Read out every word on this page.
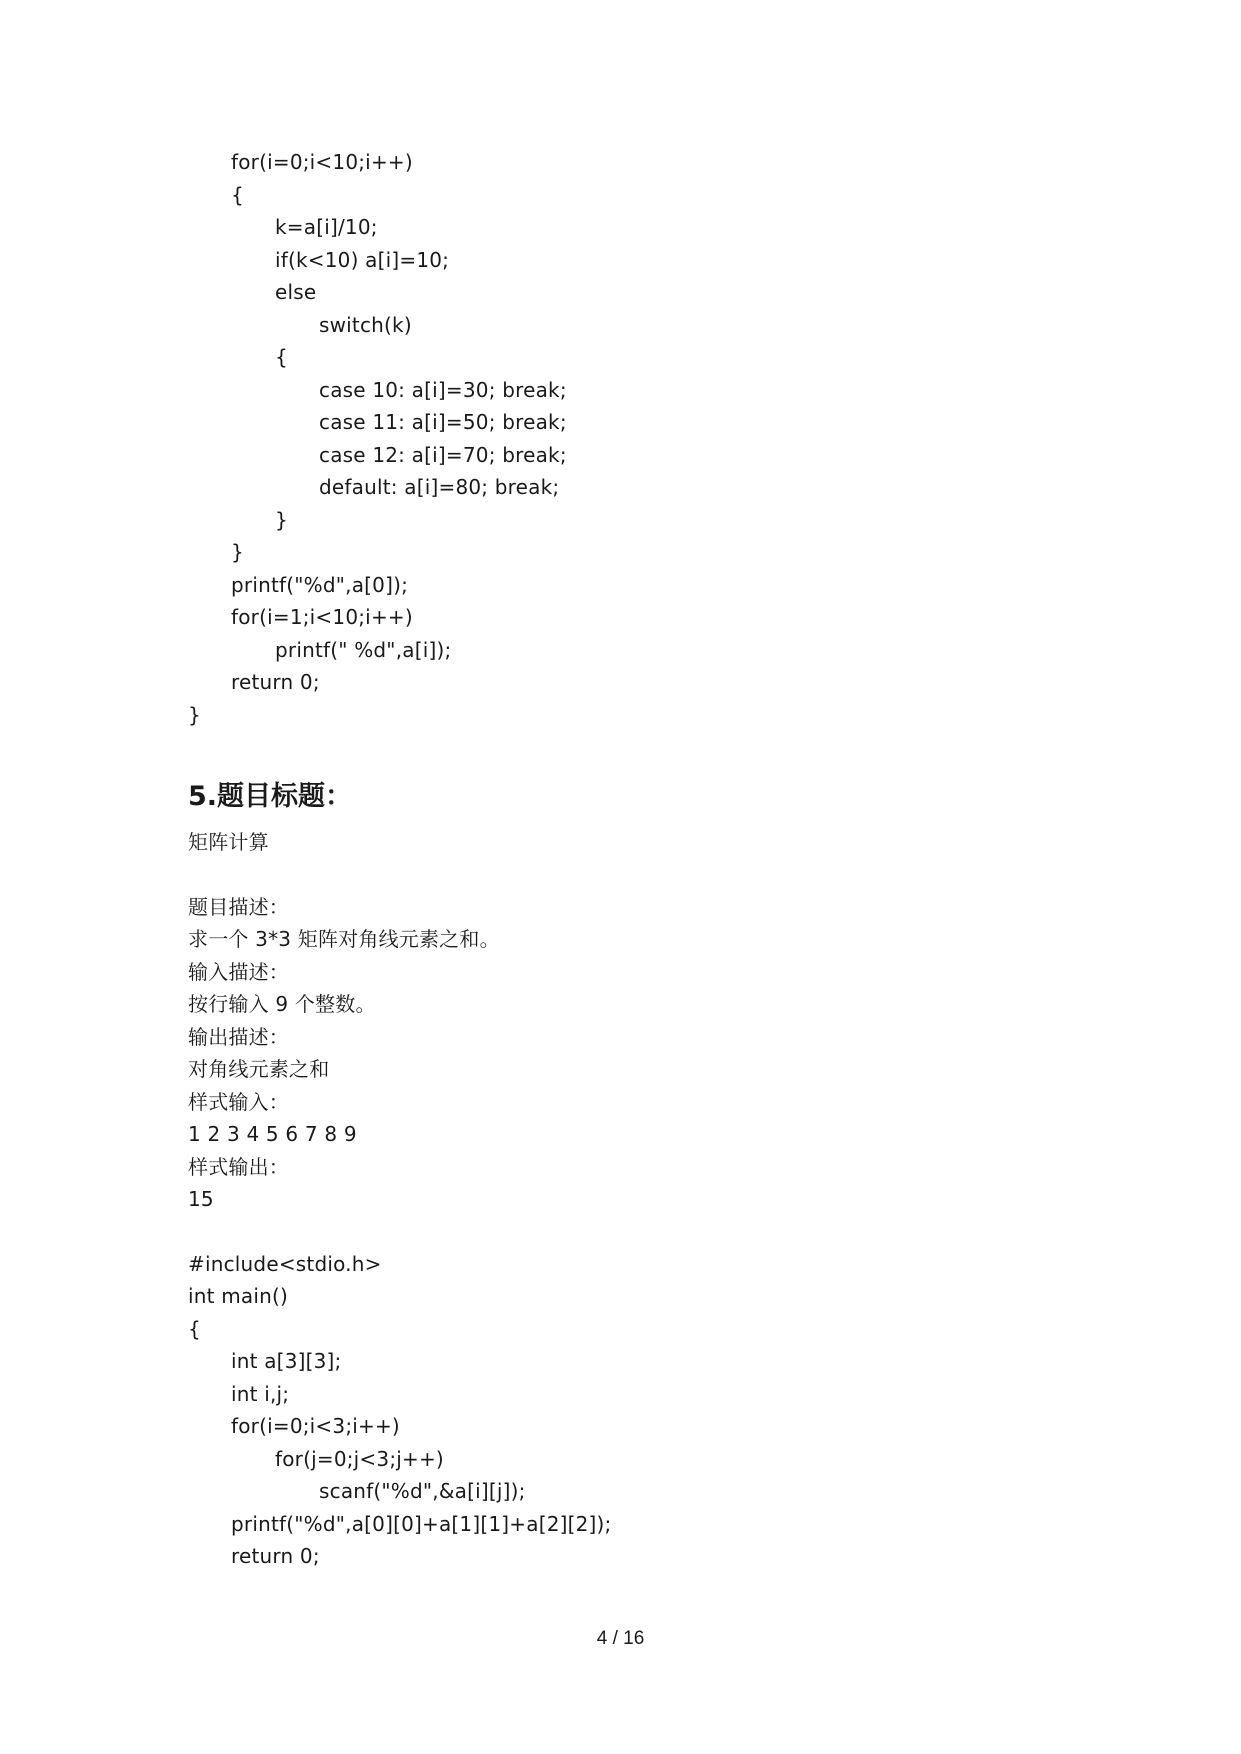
for(i=0;i<10;i++)
{
k=a[i]/10;
if(k<10) a[i]=10;
else
switch(k)
{
case 10: a[i]=30; break;
case 11: a[i]=50; break;
case 12: a[i]=70; break;
default: a[i]=80; break;
}
}
printf("%d",a[0]);
for(i=1;i<10;i++)
printf(" %d",a[i]);
return 0;
}
5.题目标题：
矩阵计算
题目描述：
求一个 3*3 矩阵对角线元素之和。
输入描述：
按行输入 9 个整数。
输出描述：
对角线元素之和
样式输入：
1 2 3 4 5 6 7 8 9
样式输出：
15
#include<stdio.h>
int main()
{
int a[3][3];
int i,j;
for(i=0;i<3;i++)
for(j=0;j<3;j++)
scanf("%d",&a[i][j]);
printf("%d",a[0][0]+a[1][1]+a[2][2]);
return 0;
4 / 16
